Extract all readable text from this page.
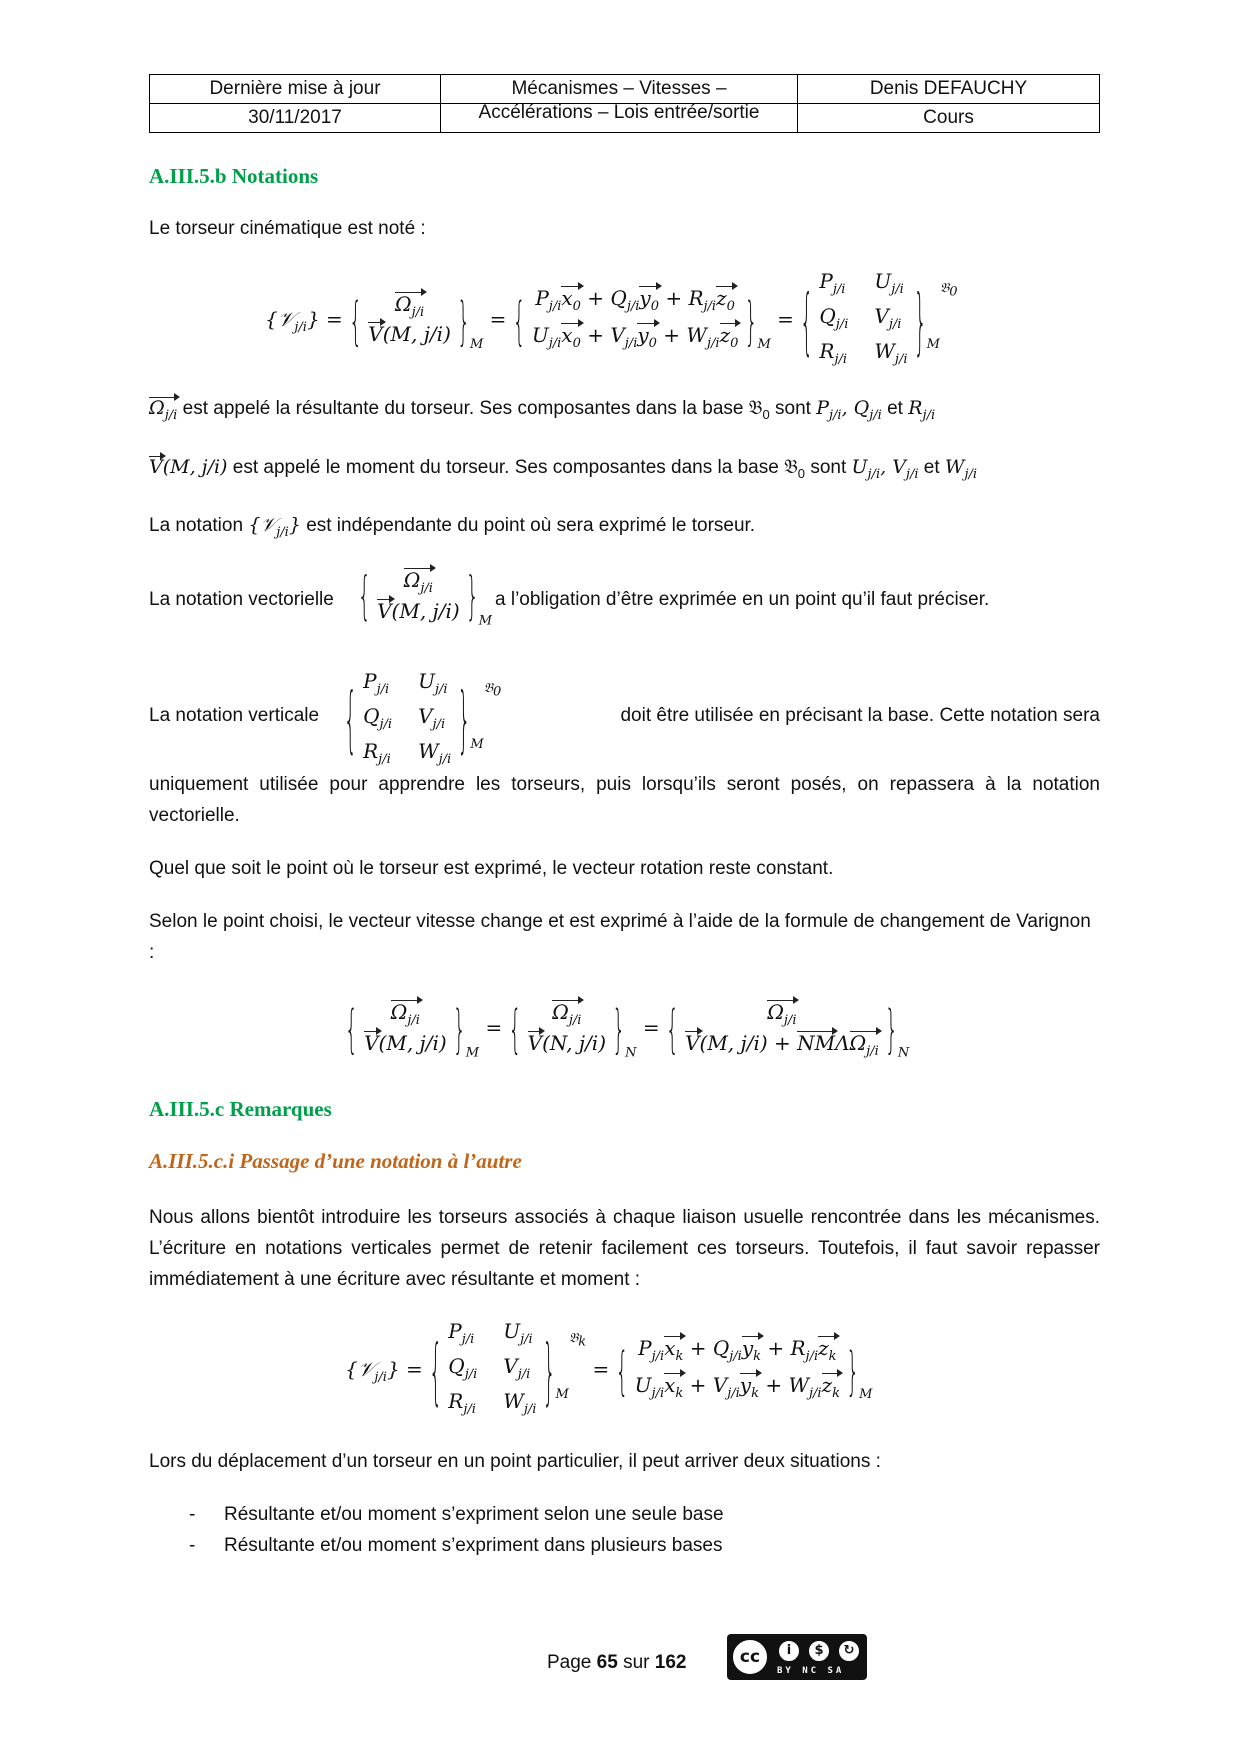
Dernière mise à jour	Mécanismes – Vitesses –	Denis DEFAUCHY
30/11/2017	Accélérations – Lois entrée/sortie	Cours
A.III.5.b Notations
Le torseur cinématique est noté :
{𝒱$_{j/i}$} = { $\Omega_{j/i}$
V(M, j/i) }$_M$ = { $P_{j/i}x_0 + Q_{j/i}y_0 + R_{j/i}z_0$
$U_{j/i}x_0 + V_{j/i}y_0 + W_{j/i}z_0$ }$_M$ = { $P_{j/i}$ $U_{j/i}$
$Q_{j/i}$ $V_{j/i}$
$R_{j/i}$ $W_{j/i}$ }$_M^{𝔅_0}$
$\Omega_{j/i}$ est appelé la résultante du torseur. Ses composantes dans la base 𝔅$_0$ sont $P_{j/i}$, $Q_{j/i}$ et $R_{j/i}$
V(M, j/i) est appelé le moment du torseur. Ses composantes dans la base 𝔅$_0$ sont $U_{j/i}$, $V_{j/i}$ et $W_{j/i}$
La notation {𝒱$_{j/i}$} est indépendante du point où sera exprimé le torseur.
La notation vectorielle { $\Omega_{j/i}$
V(M, j/i) }$_M$
a l’obligation d’être exprimée en un point qu’il faut préciser.
La notation verticale { $P_{j/i}$ $U_{j/i}$
$Q_{j/i}$ $V_{j/i}$
$R_{j/i}$ $W_{j/i}$ }$_M^{𝔅_0}$
doit être utilisée en précisant la base. Cette notation sera
uniquement utilisée pour apprendre les torseurs, puis lorsqu’ils seront posés, on repassera à la notation vectorielle.
Quel que soit le point où le torseur est exprimé, le vecteur rotation reste constant.
Selon le point choisi, le vecteur vitesse change et est exprimé à l’aide de la formule de changement de Varignon :
{ $\Omega_{j/i}$
V(M, j/i) }$_M$ = { $\Omega_{j/i}$
V(N, j/i) }$_N$ = {	$\Omega_{j/i}$
V(M, $j/i) + NM\Lambda\Omega_{j/i}$ }$_N$
A.III.5.c Remarques
A.III.5.c.i Passage d’une notation à l’autre
Nous allons bientôt introduire les torseurs associés à chaque liaison usuelle rencontrée dans les mécanismes. L’écriture en notations verticales permet de retenir facilement ces torseurs. Toutefois, il faut savoir repasser immédiatement à une écriture avec résultante et moment :
{𝒱$_{j/i}$} = { $P_{j/i}$ $U_{j/i}$
$Q_{j/i}$ $V_{j/i}$
$R_{j/i}$ $W_{j/i}$ }$_M^{𝔅_k}$ = { $P_{j/i}x_k + Q_{j/i}y_k + R_{j/i}z_k$
$U_{j/i}x_k + V_{j/i}y_k + W_{j/i}z_k$ }$_M$
Lors du déplacement d’un torseur en un point particulier, il peut arriver deux situations :
- Résultante et/ou moment s’expriment selon une seule base
- Résultante et/ou moment s’expriment dans plusieurs bases
Page 65 sur 162	cc	i	$	↻
BY NC SA
